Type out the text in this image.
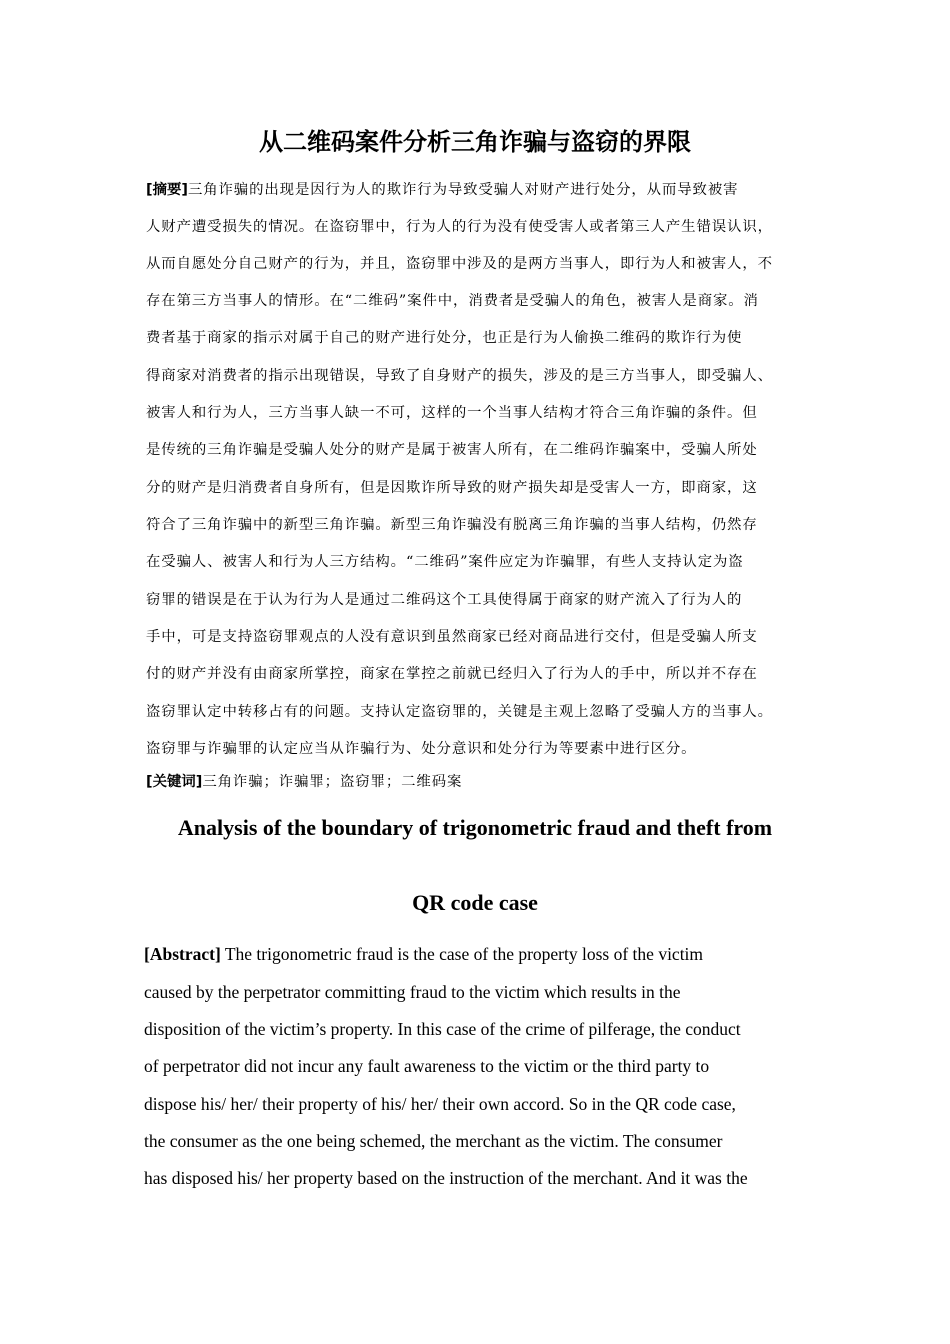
从二维码案件分析三角诈骗与盗窃的界限
[摘要]三角诈骗的出现是因行为人的欺诈行为导致受骗人对财产进行处分，从而导致被害
人财产遭受损失的情况。在盗窃罪中，行为人的行为没有使受害人或者第三人产生错误认识，
从而自愿处分自己财产的行为，并且，盗窃罪中涉及的是两方当事人，即行为人和被害人，不
存在第三方当事人的情形。在“二维码”案件中，消费者是受骗人的角色，被害人是商家。消
费者基于商家的指示对属于自己的财产进行处分，也正是行为人偷换二维码的欺诈行为使
得商家对消费者的指示出现错误，导致了自身财产的损失，涉及的是三方当事人，即受骗人、
被害人和行为人，三方当事人缺一不可，这样的一个当事人结构才符合三角诈骗的条件。但
是传统的三角诈骗是受骗人处分的财产是属于被害人所有，在二维码诈骗案中，受骗人所处
分的财产是归消费者自身所有，但是因欺诈所导致的财产损失却是受害人一方，即商家，这
符合了三角诈骗中的新型三角诈骗。新型三角诈骗没有脱离三角诈骗的当事人结构，仍然存
在受骗人、被害人和行为人三方结构。“二维码”案件应定为诈骗罪，有些人支持认定为盗
窃罪的错误是在于认为行为人是通过二维码这个工具使得属于商家的财产流入了行为人的
手中，可是支持盗窃罪观点的人没有意识到虽然商家已经对商品进行交付，但是受骗人所支
付的财产并没有由商家所掌控，商家在掌控之前就已经归入了行为人的手中，所以并不存在
盗窃罪认定中转移占有的问题。支持认定盗窃罪的，关键是主观上忽略了受骗人方的当事人。
盗窃罪与诈骗罪的认定应当从诈骗行为、处分意识和处分行为等要素中进行区分。
[关键词]三角诈骗；诈骗罪；盗窃罪；二维码案
Analysis of the boundary of trigonometric fraud and theft from
QR code case
[Abstract] The trigonometric fraud is the case of the property loss of the victim
caused by the perpetrator committing fraud to the victim which results in the
disposition of the victim’s property. In this case of the crime of pilferage, the conduct
of perpetrator did not incur any fault awareness to the victim or the third party to
dispose his/ her/ their property of his/ her/ their own accord. So in the QR code case,
the consumer as the one being schemed, the merchant as the victim. The consumer
has disposed his/ her property based on the instruction of the merchant. And it was the
